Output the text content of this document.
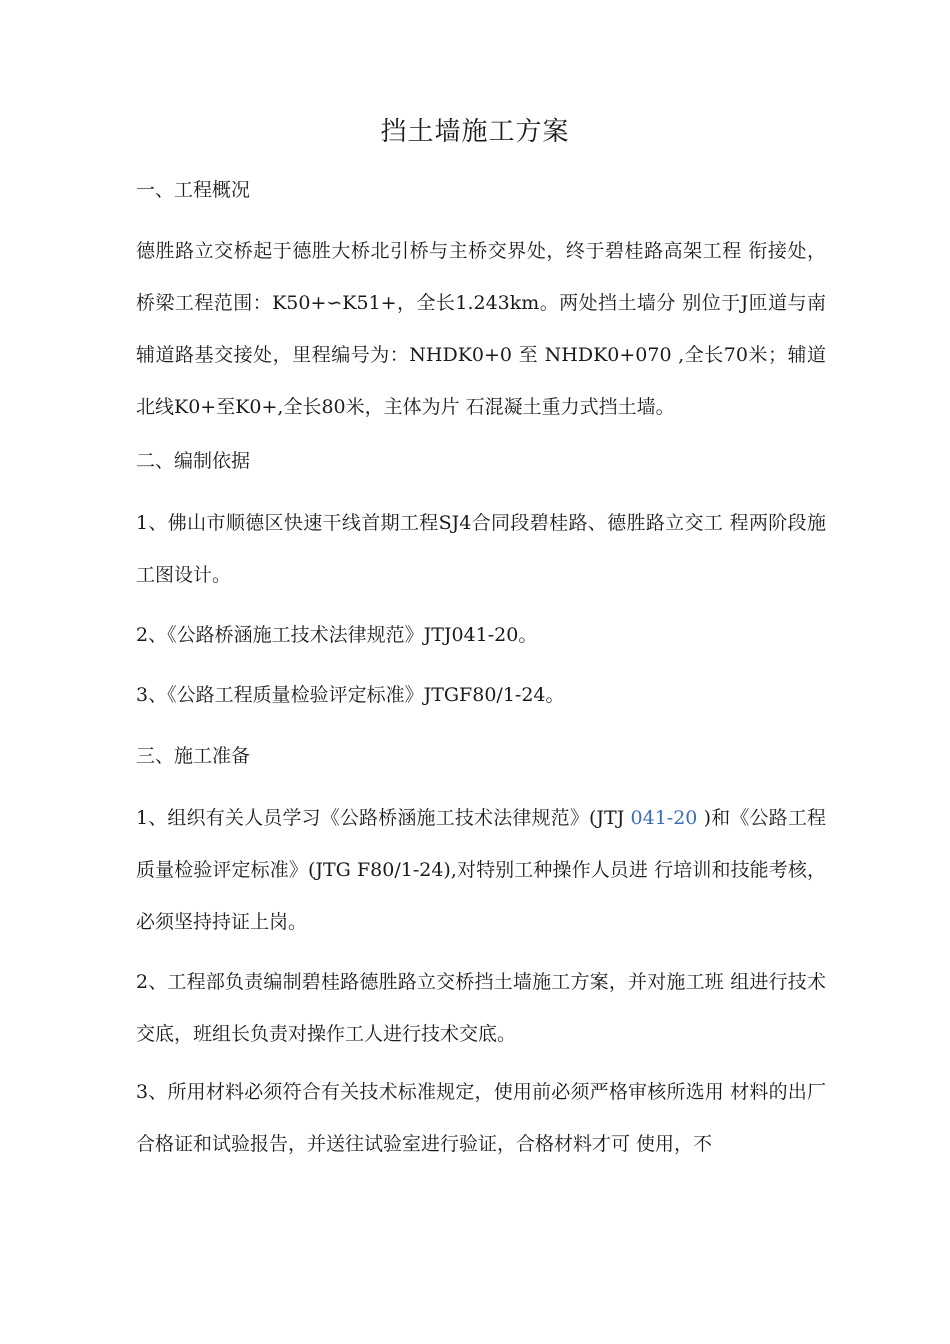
挡土墙施工方案
一、工程概况
德胜路立交桥起于德胜大桥北引桥与主桥交界处，终于碧桂路高架工程 衔接处，桥梁工程范围：K50+∽K51+，全长1.243km。两处挡土墙分 别位于J匝道与南辅道路基交接处，里程编号为：NHDK0+0 至 NHDK0+070 ,全长70米；辅道北线K0+至K0+,全长80米，主体为片 石混凝土重力式挡土墙。
二、编制依据
1、佛山市顺德区快速干线首期工程SJ4合同段碧桂路、德胜路立交工 程两阶段施工图设计。
2、《公路桥涵施工技术法律规范》JTJ041-20。
3、《公路工程质量检验评定标准》JTGF80/1-24。
三、施工准备
1、组织有关人员学习《公路桥涵施工技术法律规范》(JTJ 041-20 )和《公路工程质量检验评定标准》(JTG F80/1-24),对特别工种操作人员进 行培训和技能考核，必须坚持持证上岗。
2、工程部负责编制碧桂路德胜路立交桥挡土墙施工方案，并对施工班 组进行技术交底，班组长负责对操作工人进行技术交底。
3、所用材料必须符合有关技术标准规定，使用前必须严格审核所选用 材料的出厂合格证和试验报告，并送往试验室进行验证，合格材料才可 使用，不
